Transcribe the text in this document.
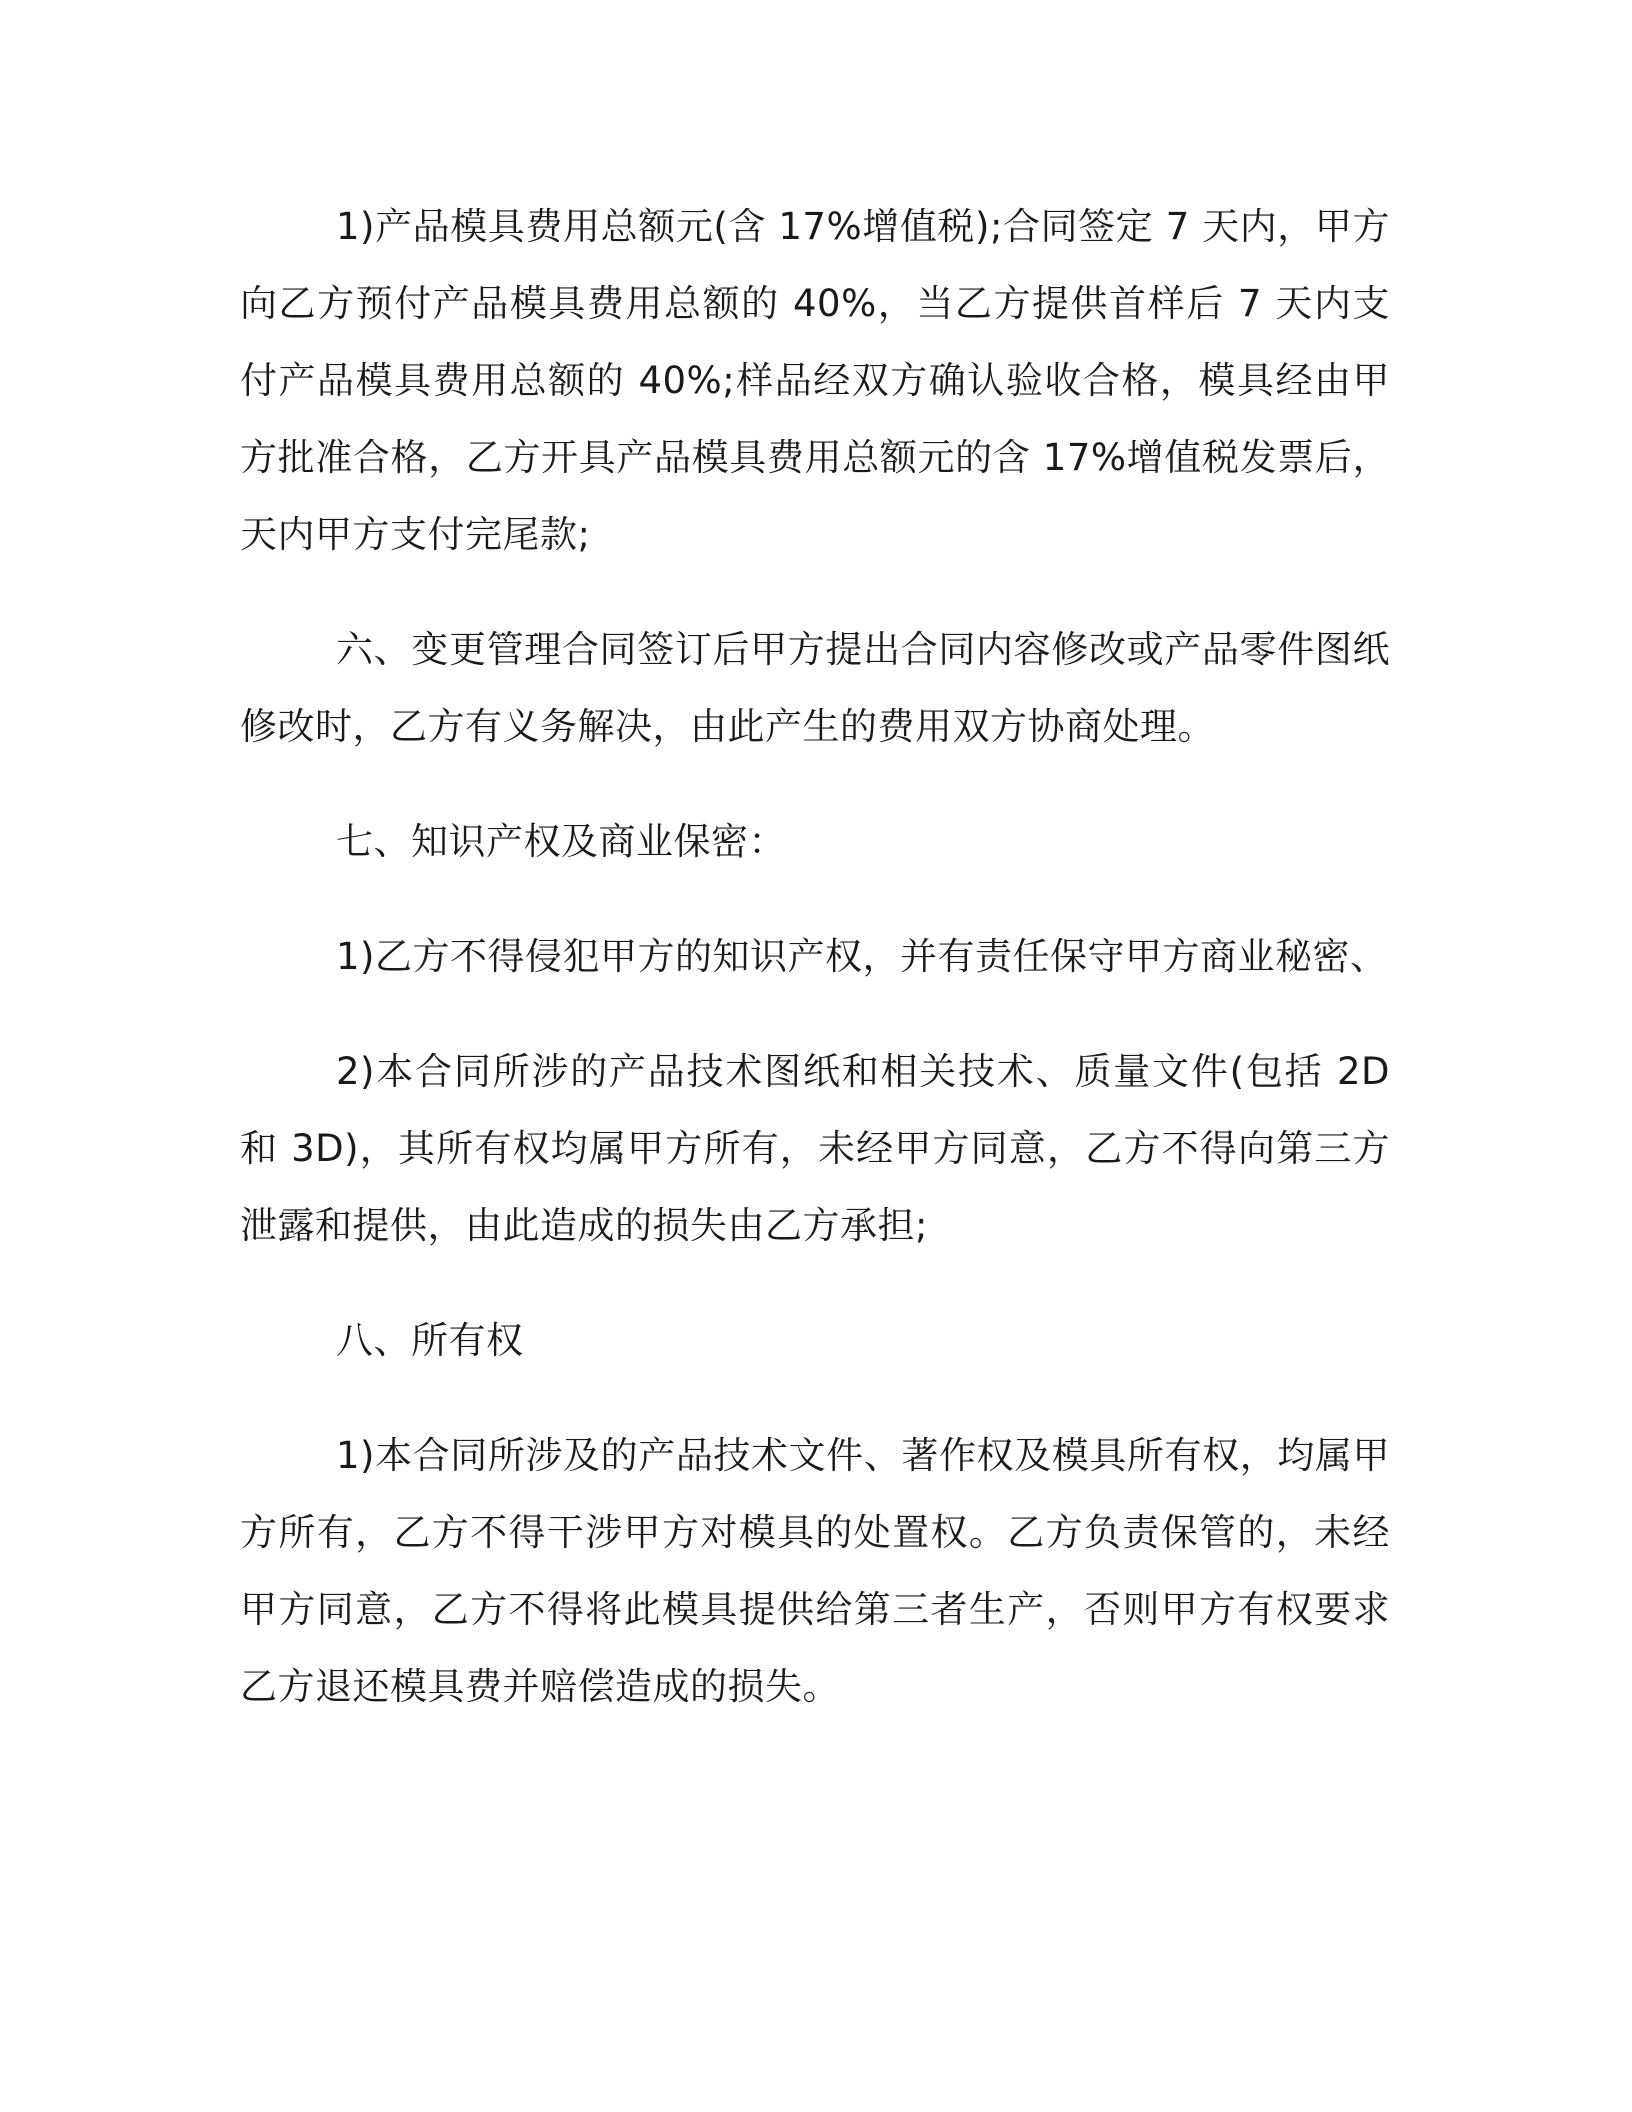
1)产品模具费用总额元(含 17%增值税);合同签定 7 天内，甲方向乙方预付产品模具费用总额的 40%，当乙方提供首样后 7 天内支付产品模具费用总额的 40%;样品经双方确认验收合格，模具经由甲方批准合格，乙方开具产品模具费用总额元的含 17%增值税发票后，天内甲方支付完尾款;

六、变更管理合同签订后甲方提出合同内容修改或产品零件图纸修改时，乙方有义务解决，由此产生的费用双方协商处理。

七、知识产权及商业保密：

1)乙方不得侵犯甲方的知识产权，并有责任保守甲方商业秘密、

2)本合同所涉的产品技术图纸和相关技术、质量文件(包括 2D 和 3D)，其所有权均属甲方所有，未经甲方同意，乙方不得向第三方泄露和提供，由此造成的损失由乙方承担;

八、所有权

1)本合同所涉及的产品技术文件、著作权及模具所有权，均属甲方所有，乙方不得干涉甲方对模具的处置权。乙方负责保管的，未经甲方同意，乙方不得将此模具提供给第三者生产，否则甲方有权要求乙方退还模具费并赔偿造成的损失。
